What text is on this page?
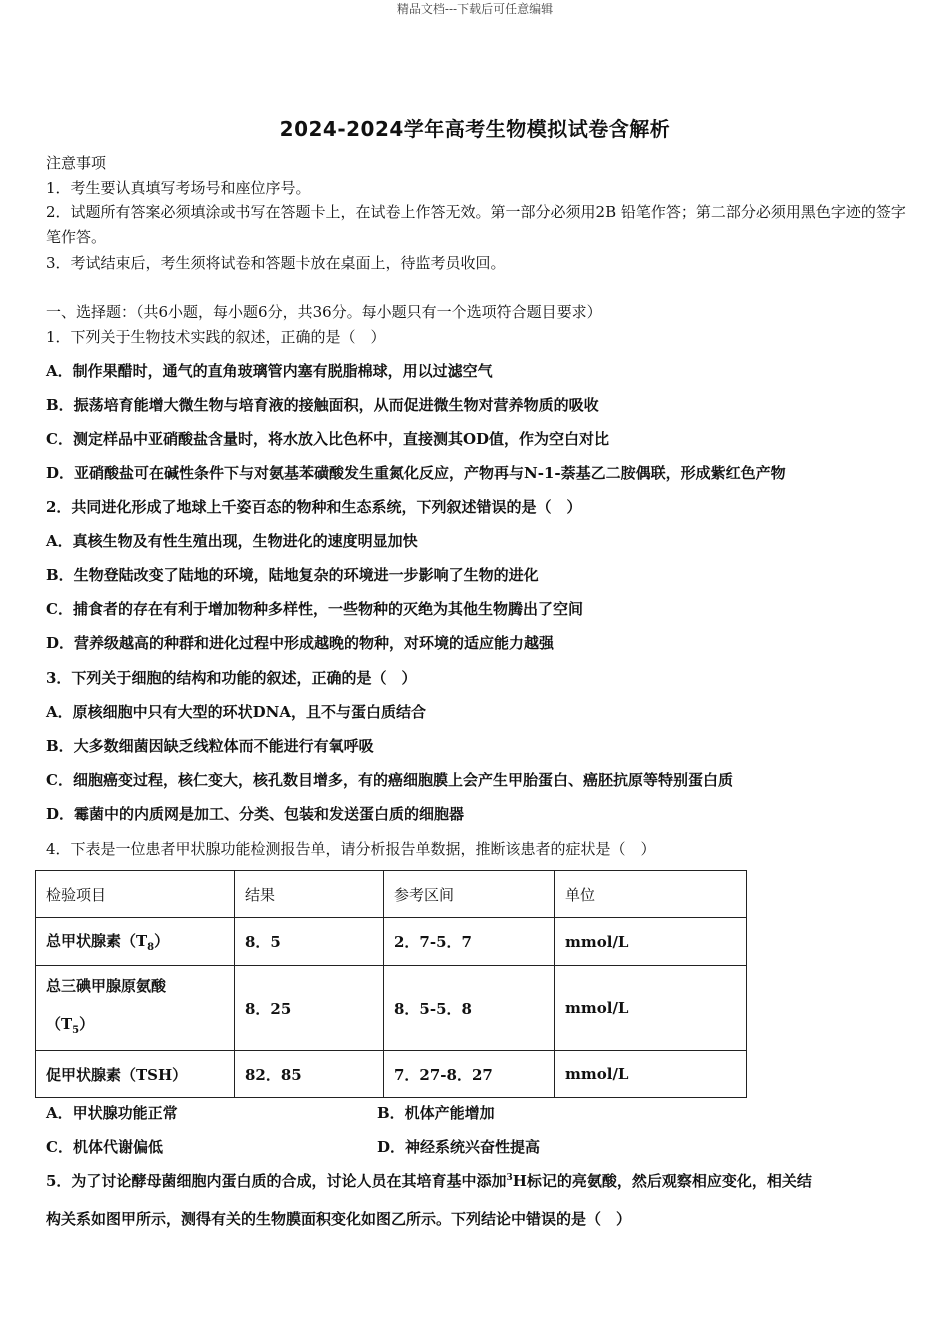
精品文档---下载后可任意编辑
2024-2024学年高考生物模拟试卷含解析
注意事项
1．考生要认真填写考场号和座位序号。
2．试题所有答案必须填涂或书写在答题卡上，在试卷上作答无效。第一部分必须用2B 铅笔作答；第二部分必须用黑色字迹的签字笔作答。
3．考试结束后，考生须将试卷和答题卡放在桌面上，待监考员收回。
一、选择题：（共6小题，每小题6分，共36分。每小题只有一个选项符合题目要求）
1．下列关于生物技术实践的叙述，正确的是（　）
A．制作果醋时，通气的直角玻璃管内塞有脱脂棉球，用以过滤空气
B．振荡培育能增大微生物与培育液的接触面积，从而促进微生物对营养物质的吸收
C．测定样品中亚硝酸盐含量时，将水放入比色杯中，直接测其OD值，作为空白对比
D．亚硝酸盐可在碱性条件下与对氨基苯磺酸发生重氮化反应，产物再与N-1-萘基乙二胺偶联，形成紫红色产物
2．共同进化形成了地球上千姿百态的物种和生态系统，下列叙述错误的是（　）
A．真核生物及有性生殖出现，生物进化的速度明显加快
B．生物登陆改变了陆地的环境，陆地复杂的环境进一步影响了生物的进化
C．捕食者的存在有利于增加物种多样性，一些物种的灭绝为其他生物腾出了空间
D．营养级越高的种群和进化过程中形成越晚的物种，对环境的适应能力越强
3．下列关于细胞的结构和功能的叙述，正确的是（　）
A．原核细胞中只有大型的环状DNA，且不与蛋白质结合
B．大多数细菌因缺乏线粒体而不能进行有氧呼吸
C．细胞癌变过程，核仁变大，核孔数目增多，有的癌细胞膜上会产生甲胎蛋白、癌胚抗原等特别蛋白质
D．霉菌中的内质网是加工、分类、包装和发送蛋白质的细胞器
4．下表是一位患者甲状腺功能检测报告单，请分析报告单数据，推断该患者的症状是（　）
检验项目	结果	参考区间	单位
总甲状腺素$(T_8)$	8．5	2．7-5．7	mmol/L
总三碘甲腺原氨酸
$(T_5)$	8．25	8．5-5．8	mmol/L
促甲状腺素（TSH）	82．85	7．27-8．27	mmol/L
A．甲状腺功能正常	B．机体产能增加
C．机体代谢偏低	D．神经系统兴奋性提高
5．为了讨论酵母菌细胞内蛋白质的合成，讨论人员在其培育基中添加$^3$H标记的亮氨酸，然后观察相应变化，相关结
构关系如图甲所示，测得有关的生物膜面积变化如图乙所示。下列结论中错误的是（　）
